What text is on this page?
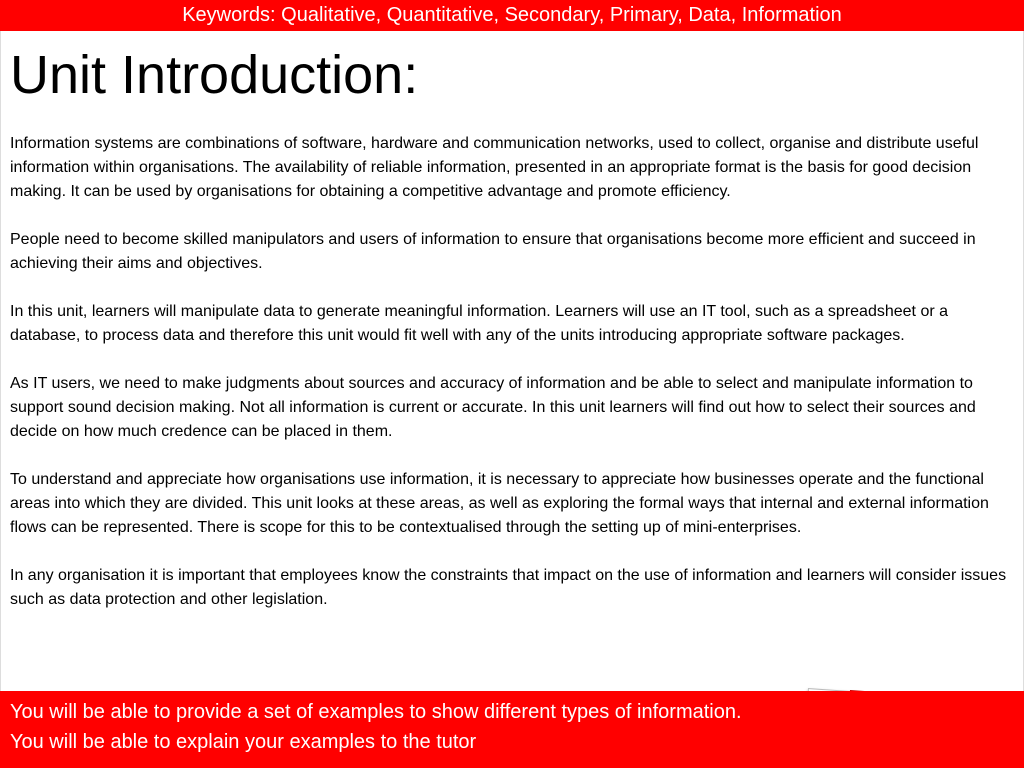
Keywords: Qualitative, Quantitative, Secondary, Primary, Data, Information
Unit Introduction:

Information systems are combinations of software, hardware and communication networks, used to collect, organise and distribute useful information within organisations. The availability of reliable information, presented in an appropriate format is the basis for good decision making. It can be used by organisations for obtaining a competitive advantage and promote efficiency.

People need to become skilled manipulators and users of information to ensure that organisations become more efficient and succeed in achieving their aims and objectives.

In this unit, learners will manipulate data to generate meaningful information. Learners will use an IT tool, such as a spreadsheet or a database, to process data and therefore this unit would fit well with any of the units introducing appropriate software packages.

As IT users, we need to make judgments about sources and accuracy of information and be able to select and manipulate information to support sound decision making. Not all information is current or accurate. In this unit learners will find out how to select their sources and decide on how much credence can be placed in them.

To understand and appreciate how organisations use information, it is necessary to appreciate how businesses operate and the functional areas into which they are divided. This unit looks at these areas, as well as exploring the formal ways that internal and external information flows can be represented. There is scope for this to be contextualised through the setting up of mini-enterprises.

In any organisation it is important that employees know the constraints that impact on the use of information and learners will consider issues such as data protection and other legislation.

You will be able to provide a set of examples to show different types of information.
You will be able to explain your examples to the tutor
